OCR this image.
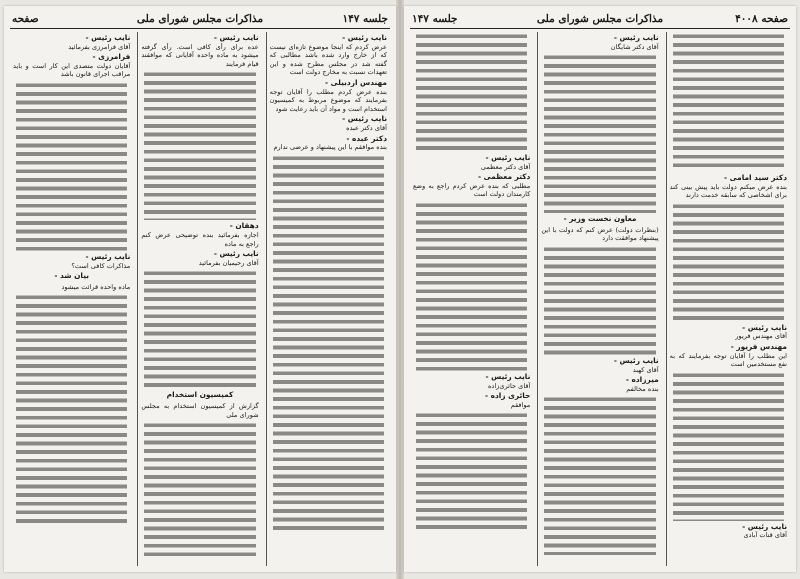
جلسه ۱۴۷
مذاکرات مجلس شورای ملی
صفحه
نایب رئیس -

عرض کردم که اینجا موضوع تازه‌ای نیست که از خارج وارد شده باشد مطالبی که گفته شد در مجلس مطرح شده و این تعهدات نسبت به مخارج دولت است

مهندس اردبیلی -

بنده عرض کردم مطلب را آقایان توجه بفرمایند که موضوع مربوط به کمیسیون استخدام است و مواد آن باید رعایت شود

نایب رئیس -

آقای دکتر عبده

دکتر عبده -

بنده موافقم با این پیشنهاد و عرضی ندارم

نایب رئیس -

عده برای رأی کافی است. رأی گرفته میشود به ماده واحده آقایانی که موافقند قیام فرمایند

دهقان -

اجازه بفرمائید بنده توضیحی عرض کنم راجع به ماده

نایب رئیس -

آقای رحیمیان بفرمائید

کمیسیون استخدام

گزارش از کمیسیون استخدام به مجلس شورای ملی

نایب رئیس -

آقای فرامرزی بفرمائید

فرامرزی -

آقایان دولت متصدی این کار است و باید مراقب اجرای قانون باشد

نایب رئیس -

مذاکرات کافی است؟

بیان شد -

ماده واحده قرائت میشود

صفحه ۴۰۰۸
مذاکرات مجلس شورای ملی
جلسه ۱۴۷
دکتر سید امامی -

بنده عرض میکنم دولت باید پیش بینی کند برای اشخاصی که سابقه خدمت دارند

نایب رئیس -

آقای مهندس فریور

مهندس فریور -

این مطلب را آقایان توجه بفرمایند که به نفع مستخدمین است

نایب رئیس -

آقای قنات آبادی

نایب رئیس -

آقای دکتر شایگان

معاون نخست وزیر -

(بنظرات دولت) عرض کنم که دولت با این پیشنهاد موافقت دارد

نایب رئیس -

آقای کهبد

میرزاده -

بنده مخالفم

نایب رئیس -

آقای دکتر معظمی

دکتر معظمی -

مطلبی که بنده عرض کردم راجع به وضع کارمندان دولت است

نایب رئیس -

آقای حائری‌زاده

حائری زاده -

موافقم
